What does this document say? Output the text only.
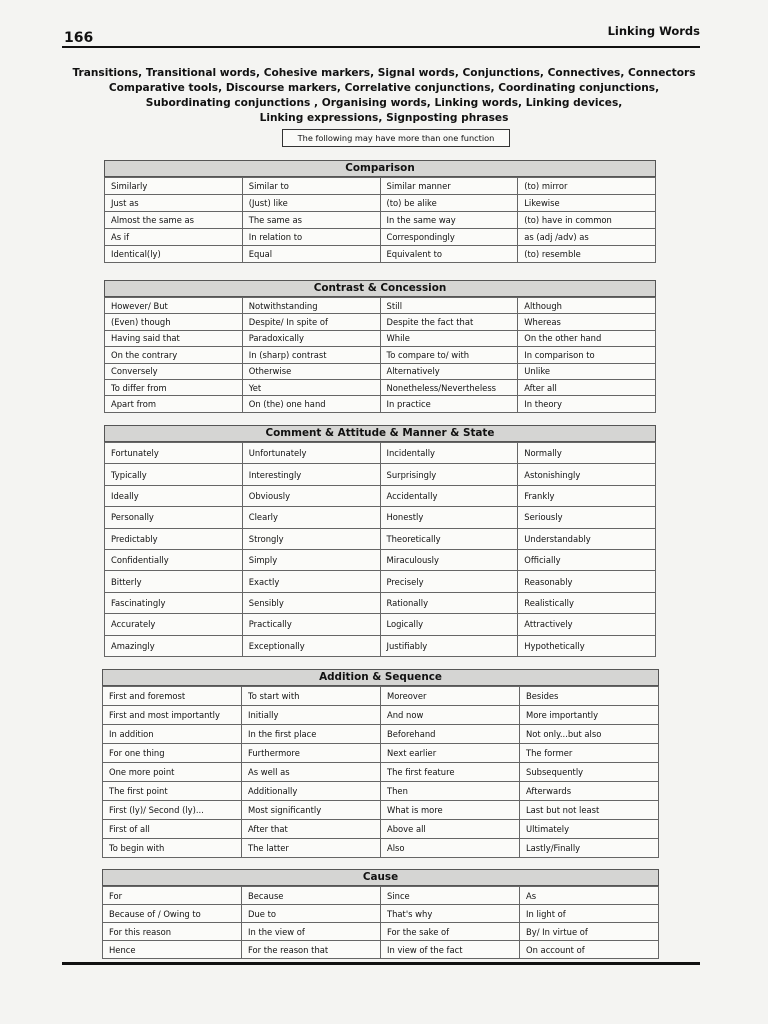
166	Linking Words
Transitions, Transitional words, Cohesive markers, Signal words, Conjunctions, Connectives, Connectors
Comparative tools, Discourse markers, Correlative conjunctions, Coordinating conjunctions,
Subordinating conjunctions , Organising words, Linking words, Linking devices,
Linking expressions, Signposting phrases
The following may have more than one function
Comparison
Similarly	Similar to	Similar manner	(to) mirror
Just as	(Just) like	(to) be alike	Likewise
Almost the same as	The same as	In the same way	(to) have in common
As if	In relation to	Correspondingly	as (adj /adv) as
Identical(ly)	Equal	Equivalent to	(to) resemble
Contrast & Concession
However/ But	Notwithstanding	Still	Although
(Even) though	Despite/ In spite of	Despite the fact that	Whereas
Having said that	Paradoxically	While	On the other hand
On the contrary	In (sharp) contrast	To compare to/ with	In comparison to
Conversely	Otherwise	Alternatively	Unlike
To differ from	Yet	Nonetheless/Nevertheless	After all
Apart from	On (the) one hand	In practice	In theory
Comment & Attitude & Manner & State
Fortunately	Unfortunately	Incidentally	Normally
Typically	Interestingly	Surprisingly	Astonishingly
Ideally	Obviously	Accidentally	Frankly
Personally	Clearly	Honestly	Seriously
Predictably	Strongly	Theoretically	Understandably
Confidentially	Simply	Miraculously	Officially
Bitterly	Exactly	Precisely	Reasonably
Fascinatingly	Sensibly	Rationally	Realistically
Accurately	Practically	Logically	Attractively
Amazingly	Exceptionally	Justifiably	Hypothetically
Addition & Sequence
First and foremost	To start with	Moreover	Besides
First and most importantly	Initially	And now	More importantly
In addition	In the first place	Beforehand	Not only...but also
For one thing	Furthermore	Next earlier	The former
One more point	As well as	The first feature	Subsequently
The first point	Additionally	Then	Afterwards
First (ly)/ Second (ly)...	Most significantly	What is more	Last but not least
First of all	After that	Above all	Ultimately
To begin with	The latter	Also	Lastly/Finally
Cause
For	Because	Since	As
Because of / Owing to	Due to	That's why	In light of
For this reason	In the view of	For the sake of	By/ In virtue of
Hence	For the reason that	In view of the fact	On account of
